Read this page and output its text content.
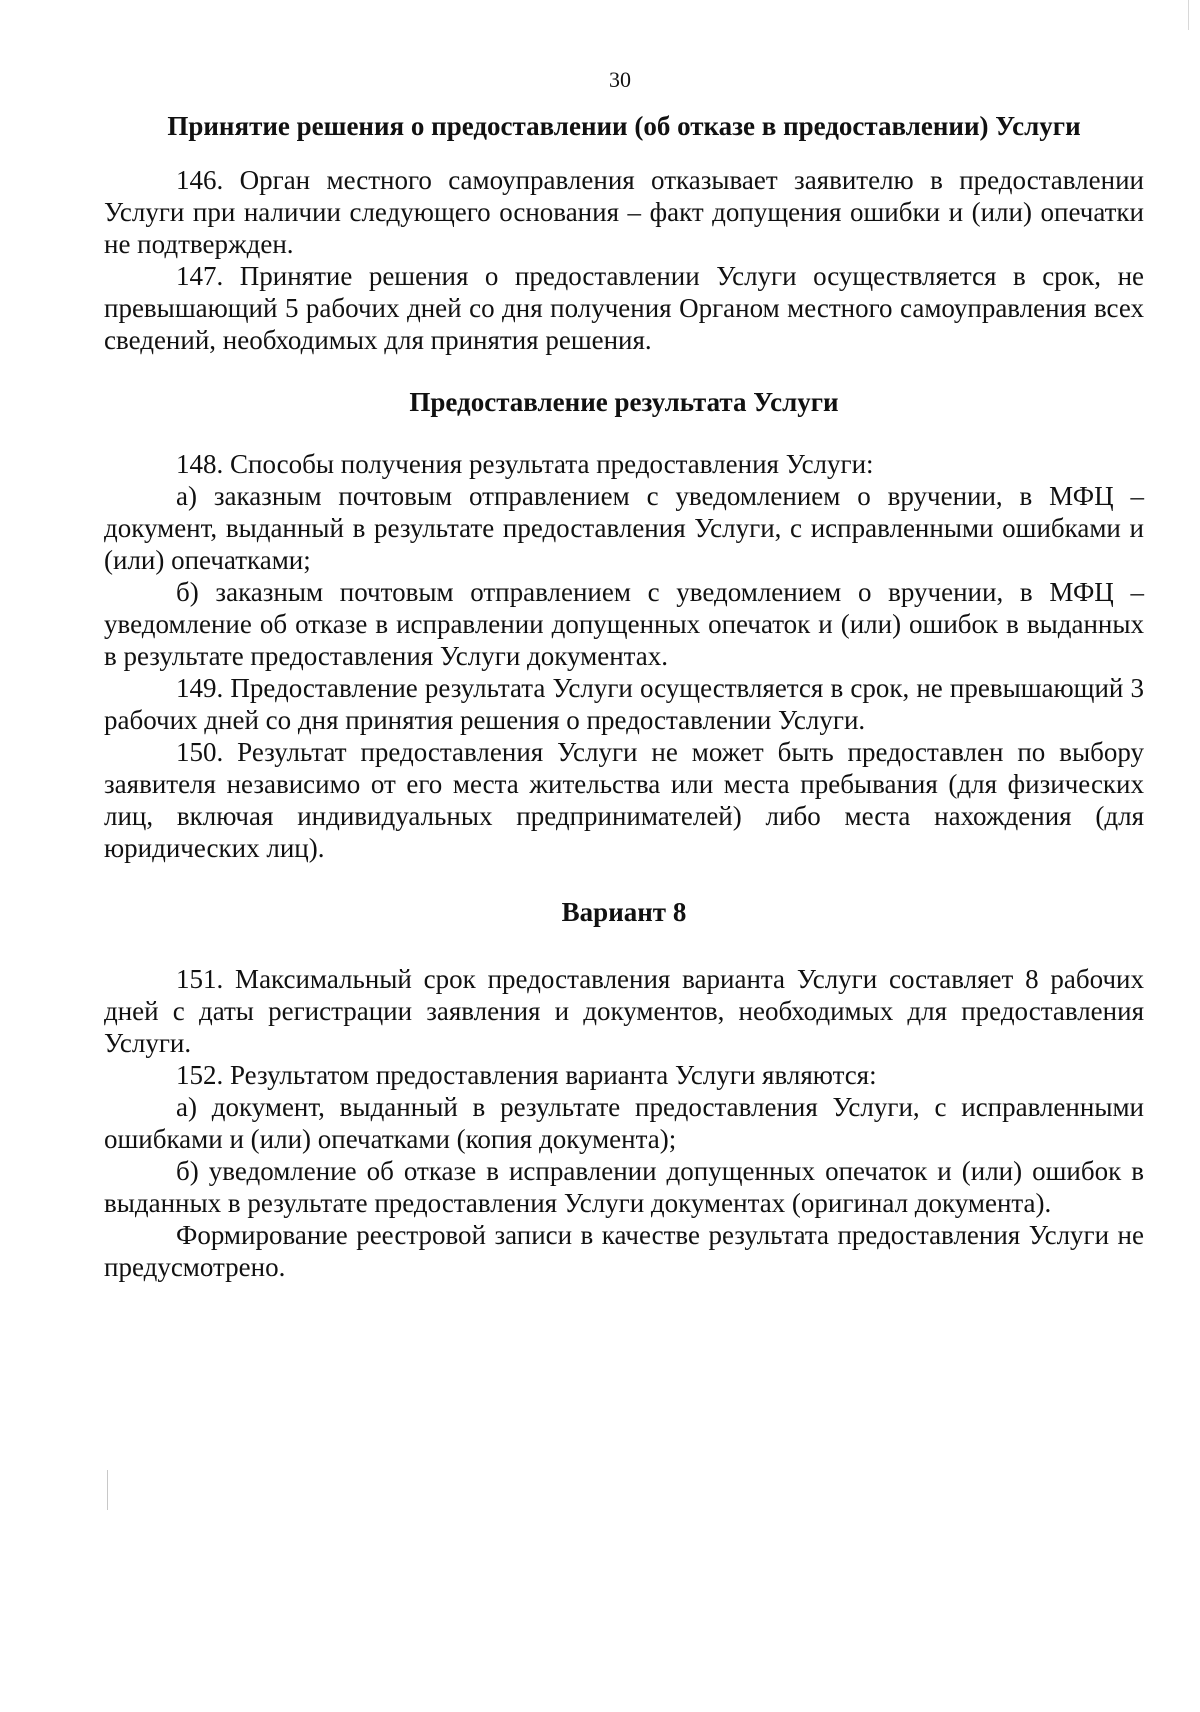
30

Принятие решения о предоставлении (об отказе в предоставлении) Услуги

146. Орган местного самоуправления отказывает заявителю в предоставлении Услуги при наличии следующего основания – факт допущения ошибки и (или) опечатки не подтвержден.

147. Принятие решения о предоставлении Услуги осуществляется в срок, не превышающий 5 рабочих дней со дня получения Органом местного самоуправления всех сведений, необходимых для принятия решения.

Предоставление результата Услуги

148. Способы получения результата предоставления Услуги:

а) заказным почтовым отправлением с уведомлением о вручении, в МФЦ – документ, выданный в результате предоставления Услуги, с исправленными ошибками и (или) опечатками;

б) заказным почтовым отправлением с уведомлением о вручении, в МФЦ – уведомление об отказе в исправлении допущенных опечаток и (или) ошибок в выданных в результате предоставления Услуги документах.

149. Предоставление результата Услуги осуществляется в срок, не превышающий 3 рабочих дней со дня принятия решения о предоставлении Услуги.

150. Результат предоставления Услуги не может быть предоставлен по выбору заявителя независимо от его места жительства или места пребывания (для физических лиц, включая индивидуальных предпринимателей) либо места нахождения (для юридических лиц).

Вариант 8

151. Максимальный срок предоставления варианта Услуги составляет 8 рабочих дней с даты регистрации заявления и документов, необходимых для предоставления Услуги.

152. Результатом предоставления варианта Услуги являются:

а) документ, выданный в результате предоставления Услуги, с исправленными ошибками и (или) опечатками (копия документа);

б) уведомление об отказе в исправлении допущенных опечаток и (или) ошибок в выданных в результате предоставления Услуги документах (оригинал документа).

Формирование реестровой записи в качестве результата предоставления Услуги не предусмотрено.
